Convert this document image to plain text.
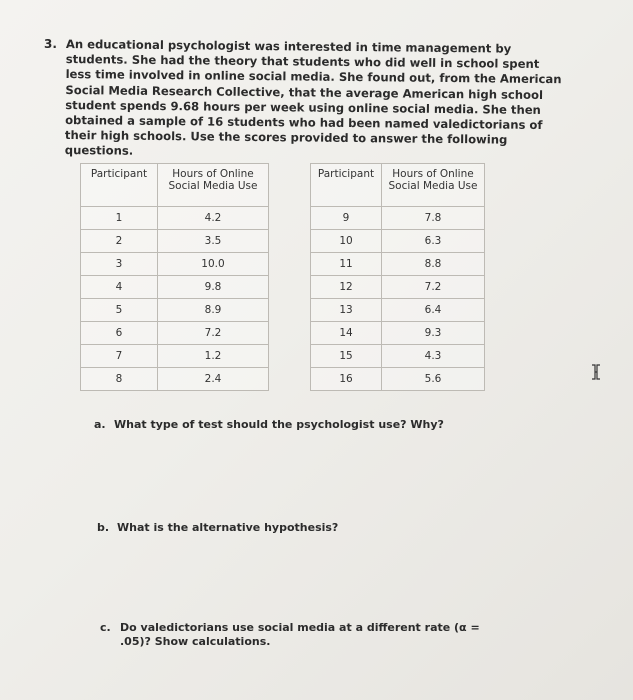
3. An educational psychologist was interested in time management by students. She had the theory that students who did well in school spent less time involved in online social media. She found out, from the American Social Media Research Collective, that the average American high school student spends 9.68 hours per week using online social media. She then obtained a sample of 16 students who had been named valedictorians of their high schools. Use the scores provided to answer the following questions.
Participant	Hours of Online Social Media Use
1	4.2
2	3.5
3	10.0
4	9.8
5	8.9
6	7.2
7	1.2
8	2.4
Participant	Hours of Online Social Media Use
9	7.8
10	6.3
11	8.8
12	7.2
13	6.4
14	9.3
15	4.3
16	5.6
a. What type of test should the psychologist use? Why?
b. What is the alternative hypothesis?
c. Do valedictorians use social media at a different rate (α = .05)? Show calculations.
